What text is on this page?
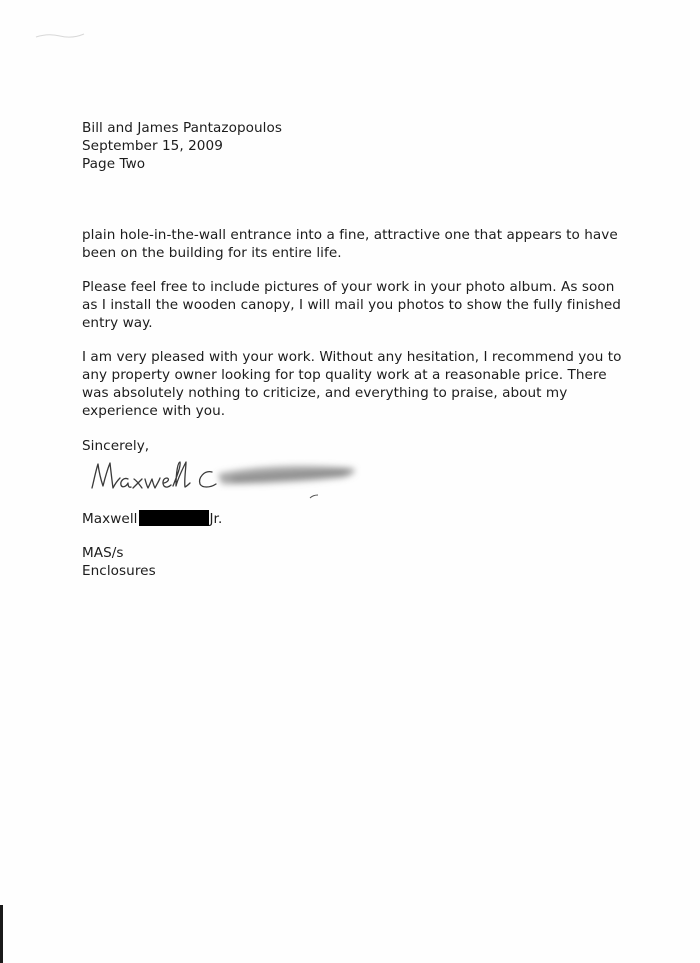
Bill and James Pantazopoulos
September 15, 2009
Page Two
plain hole-in-the-wall entrance into a fine, attractive one that appears to have
been on the building for its entire life.
Please feel free to include pictures of your work in your photo album. As soon
as I install the wooden canopy, I will mail you photos to show the fully finished
entry way.
I am very pleased with your work. Without any hesitation, I recommend you to
any property owner looking for top quality work at a reasonable price. There
was absolutely nothing to criticize, and everything to praise, about my
experience with you.
Sincerely,
Maxwell	Jr.
MAS/s
Enclosures
